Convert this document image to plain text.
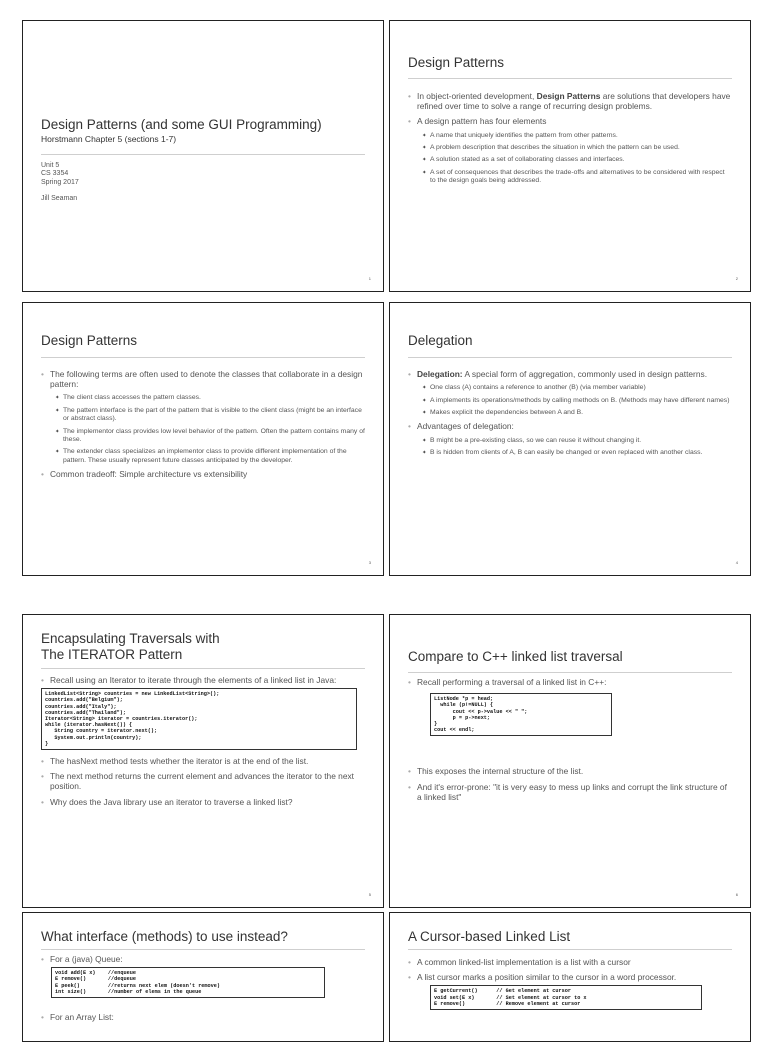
Design Patterns (and some GUI Programming)
Horstmann Chapter 5 (sections 1-7)
Unit 5
CS 3354
Spring 2017
Jill Seaman
1
Design Patterns
• In object-oriented development, Design Patterns are solutions that developers have refined over time to solve a range of recurring design problems.
• A design pattern has four elements
✦ A name that uniquely identifies the pattern from other patterns.
✦ A problem description that describes the situation in which the pattern can be used.
✦ A solution stated as a set of collaborating classes and interfaces.
✦ A set of consequences that describes the trade-offs and alternatives to be considered with respect to the design goals being addressed.
2
Design Patterns
• The following terms are often used to denote the classes that collaborate in a design pattern:
✦ The client class accesses the pattern classes.
✦ The pattern interface is the part of the pattern that is visible to the client class (might be an interface or abstract class).
✦ The implementor class provides low level behavior of the pattern. Often the pattern contains many of these.
✦ The extender class specializes an implementor class to provide different implementation of the pattern. These usually represent future classes anticipated by the developer.
• Common tradeoff: Simple architecture vs extensibility
3
Delegation
• Delegation: A special form of aggregation, commonly used in design patterns.
✦ One class (A) contains a reference to another (B) (via member variable)
✦ A implements its operations/methods by calling methods on B. (Methods may have different names)
✦ Makes explicit the dependencies between A and B.
• Advantages of delegation:
✦ B might be a pre-existing class, so we can reuse it without changing it.
✦ B is hidden from clients of A, B can easily be changed or even replaced with another class.
4
Encapsulating Traversals with
The ITERATOR Pattern
• Recall using an Iterator to iterate through the elements of a linked list in Java:
LinkedList<String> countries = new LinkedList<String>();
countries.add("Belgium");
countries.add("Italy");
countries.add("Thailand");
Iterator<String> iterator = countries.iterator();
while (iterator.hasNext()) {
String country = iterator.next();
System.out.println(country);
}
• The hasNext method tests whether the iterator is at the end of the list.
• The next method returns the current element and advances the iterator to the next position.
• Why does the Java library use an iterator to traverse a linked list?
5
Compare to C++ linked list traversal
• Recall performing a traversal of a linked list in C++:
ListNode *p = head;
while (p!=NULL) {
cout << p->value << " ";
p = p->next;
}
cout << endl;
• This exposes the internal structure of the list.
• And it's error-prone: "it is very easy to mess up links and corrupt the link structure of a linked list"
6
What interface (methods) to use instead?
• For a (java) Queue:
void add(E x)    //enqueue
E remove()       //dequeue
E peek()         //returns next elem (doesn't remove)
int size()       //number of elems in the queue
• For an Array List:
A Cursor-based Linked List
• A common linked-list implementation is a list with a cursor
• A list cursor marks a position similar to the cursor in a word processor.
E getCurrent()      // Get element at cursor
void set(E x)       // Set element at cursor to x
E remove()          // Remove element at cursor
